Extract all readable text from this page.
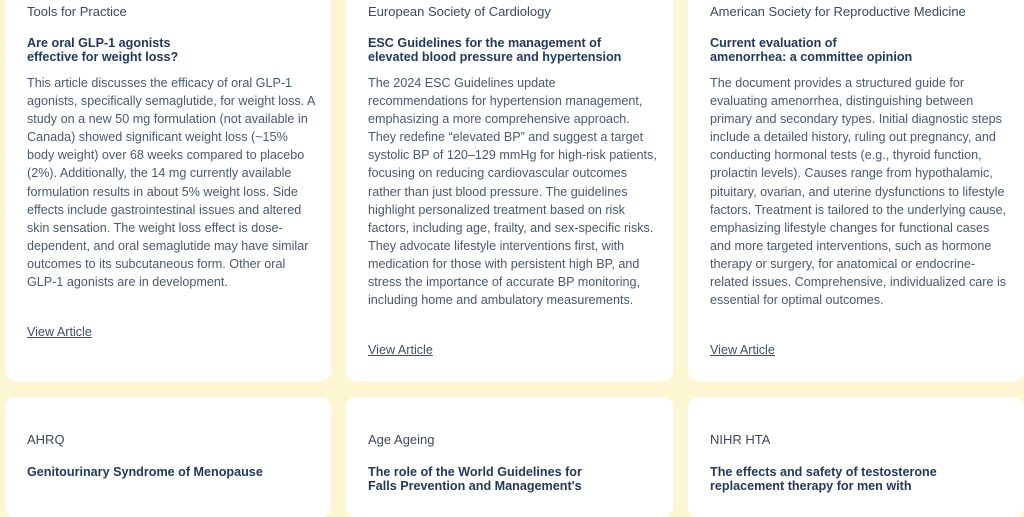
Tools for Practice
Are oral GLP-1 agonists
effective for weight loss?

This article discusses the efficacy of oral GLP-1 agonists, specifically semaglutide, for weight loss. A study on a new 50 mg formulation (not available in Canada) showed significant weight loss (~15% body weight) over 68 weeks compared to placebo (2%). Additionally, the 14 mg currently available formulation results in about 5% weight loss. Side effects include gastrointestinal issues and altered skin sensation. The weight loss effect is dose-dependent, and oral semaglutide may have similar outcomes to its subcutaneous form. Other oral GLP-1 agonists are in development.

View Article
European Society of Cardiology
ESC Guidelines for the management of
elevated blood pressure and hypertension

The 2024 ESC Guidelines update recommendations for hypertension management, emphasizing a more comprehensive approach. They redefine “elevated BP” and suggest a target systolic BP of 120–129 mmHg for high-risk patients, focusing on reducing cardiovascular outcomes rather than just blood pressure. The guidelines highlight personalized treatment based on risk factors, including age, frailty, and sex-specific risks. They advocate lifestyle interventions first, with medication for those with persistent high BP, and stress the importance of accurate BP monitoring, including home and ambulatory measurements.

View Article
American Society for Reproductive Medicine
Current evaluation of
amenorrhea: a committee opinion

The document provides a structured guide for evaluating amenorrhea, distinguishing between primary and secondary types. Initial diagnostic steps include a detailed history, ruling out pregnancy, and conducting hormonal tests (e.g., thyroid function, prolactin levels). Causes range from hypothalamic, pituitary, ovarian, and uterine dysfunctions to lifestyle factors. Treatment is tailored to the underlying cause, emphasizing lifestyle changes for functional cases and more targeted interventions, such as hormone therapy or surgery, for anatomical or endocrine-related issues. Comprehensive, individualized care is essential for optimal outcomes.

View Article
AHRQ
Genitourinary Syndrome of Menopause
Age Ageing
The role of the World Guidelines for
Falls Prevention and Management's
NIHR HTA
The effects and safety of testosterone
replacement therapy for men with
